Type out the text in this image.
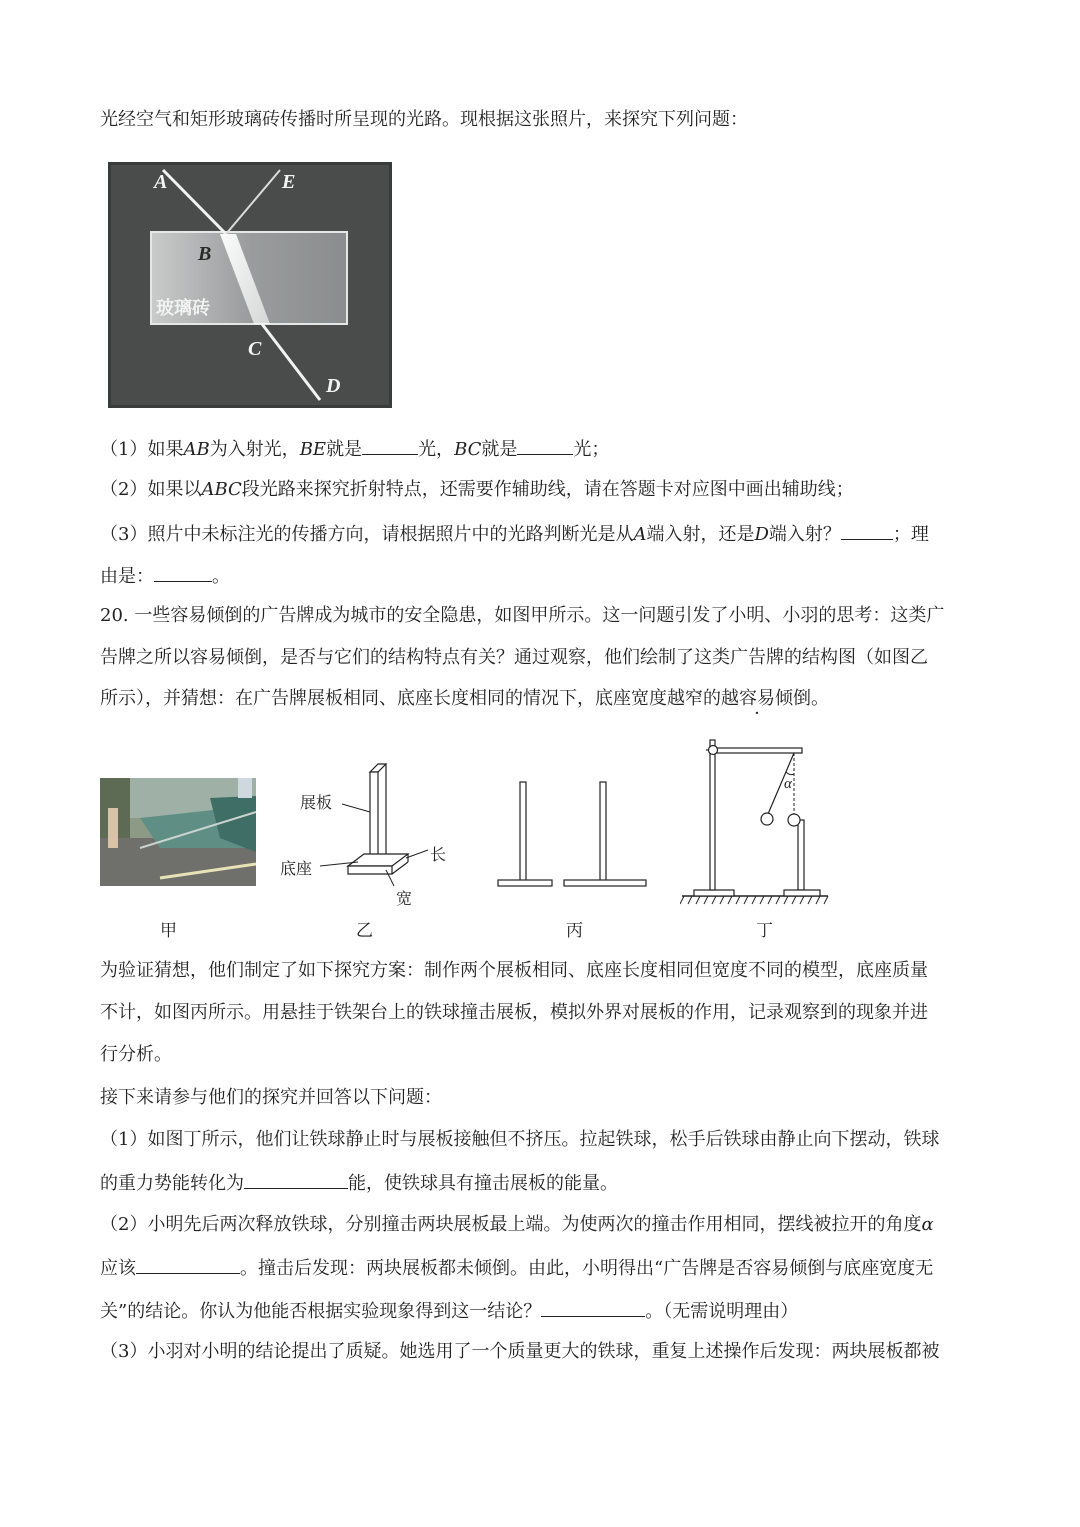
光经空气和矩形玻璃砖传播时所呈现的光路。现根据这张照片，来探究下列问题：
A	E
B
C
D
玻璃砖
（1）如果AB为入射光，BE就是	光，BC就是	光；
（2）如果以ABC段光路来探究折射特点，还需要作辅助线，请在答题卡对应图中画出辅助线；
（3）照片中未标注光的传播方向，请根据照片中的光路判断光是从A端入射，还是D端入射？	；理
由是：	。
20. 一些容易倾倒的广告牌成为城市的安全隐患，如图甲所示。这一问题引发了小明、小羽的思考：这类广
告牌之所以容易倾倒，是否与它们的结构特点有关？通过观察，他们绘制了这类广告牌的结构图（如图乙
所示），并猜想：在广告牌展板相同、底座长度相同的情况下，底座宽度越窄的越容易倾倒。
甲
展板
底座
长
宽
乙	丙
α
丁
为验证猜想，他们制定了如下探究方案：制作两个展板相同、底座长度相同但宽度不同的模型，底座质量
不计，如图丙所示。用悬挂于铁架台上的铁球撞击展板，模拟外界对展板的作用，记录观察到的现象并进
行分析。
接下来请参与他们的探究并回答以下问题：
（1）如图丁所示，他们让铁球静止时与展板接触但不挤压。拉起铁球，松手后铁球由静止向下摆动，铁球
的重力势能转化为	能，使铁球具有撞击展板的能量。
（2）小明先后两次释放铁球，分别撞击两块展板最上端。为使两次的撞击作用相同，摆线被拉开的角度α
应该	。撞击后发现：两块展板都未倾倒。由此，小明得出“广告牌是否容易倾倒与底座宽度无
关”的结论。你认为他能否根据实验现象得到这一结论？	。（无需说明理由）
（3）小羽对小明的结论提出了质疑。她选用了一个质量更大的铁球，重复上述操作后发现：两块展板都被
